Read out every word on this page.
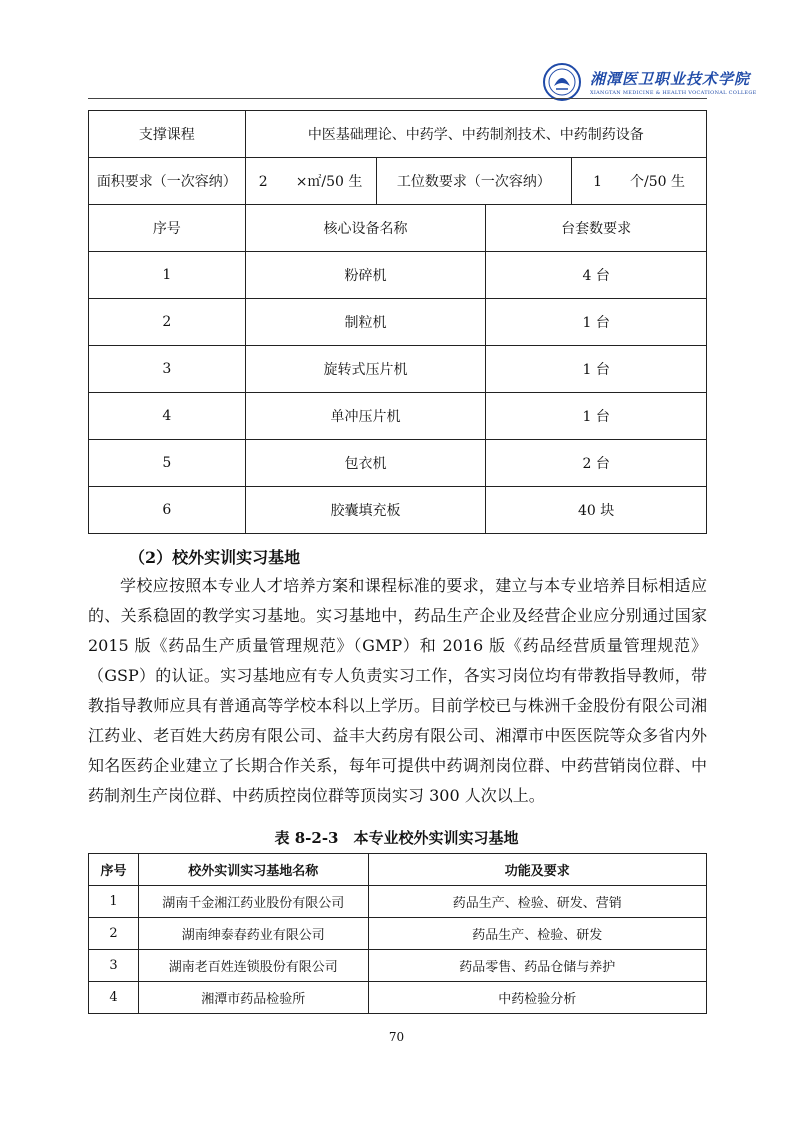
湘潭医卫职业技术学院
XIANGTAN MEDICINE & HEALTH VOCATIONAL COLLEGE
支撑课程	中医基础理论、中药学、中药制剂技术、中药制药设备			
面积要求（一次容纳）	2　　×㎡/50 生	工位数要求（一次容纳）		1　　个/50 生
序号	核心设备名称		台套数要求	
1	粉碎机		4 台	
2	制粒机		1 台	
3	旋转式压片机		1 台	
4	单冲压片机		1 台	
5	包衣机		2 台	
6	胶囊填充板		40 块	
（2）校外实训实习基地
学校应按照本专业人才培养方案和课程标准的要求，建立与本专业培养目标相适应的、关系稳固的教学实习基地。实习基地中，药品生产企业及经营企业应分别通过国家 2015 版《药品生产质量管理规范》（GMP）和 2016 版《药品经营质量管理规范》（GSP）的认证。实习基地应有专人负责实习工作，各实习岗位均有带教指导教师，带教指导教师应具有普通高等学校本科以上学历。目前学校已与株洲千金股份有限公司湘江药业、老百姓大药房有限公司、益丰大药房有限公司、湘潭市中医医院等众多省内外知名医药企业建立了长期合作关系，每年可提供中药调剂岗位群、中药营销岗位群、中药制剂生产岗位群、中药质控岗位群等顶岗实习 300 人次以上。
表 8-2-3　本专业校外实训实习基地
序号	校外实训实习基地名称	功能及要求
1	湖南千金湘江药业股份有限公司	药品生产、检验、研发、营销
2	湖南绅泰春药业有限公司	药品生产、检验、研发
3	湖南老百姓连锁股份有限公司	药品零售、药品仓储与养护
4	湘潭市药品检验所	中药检验分析
70
